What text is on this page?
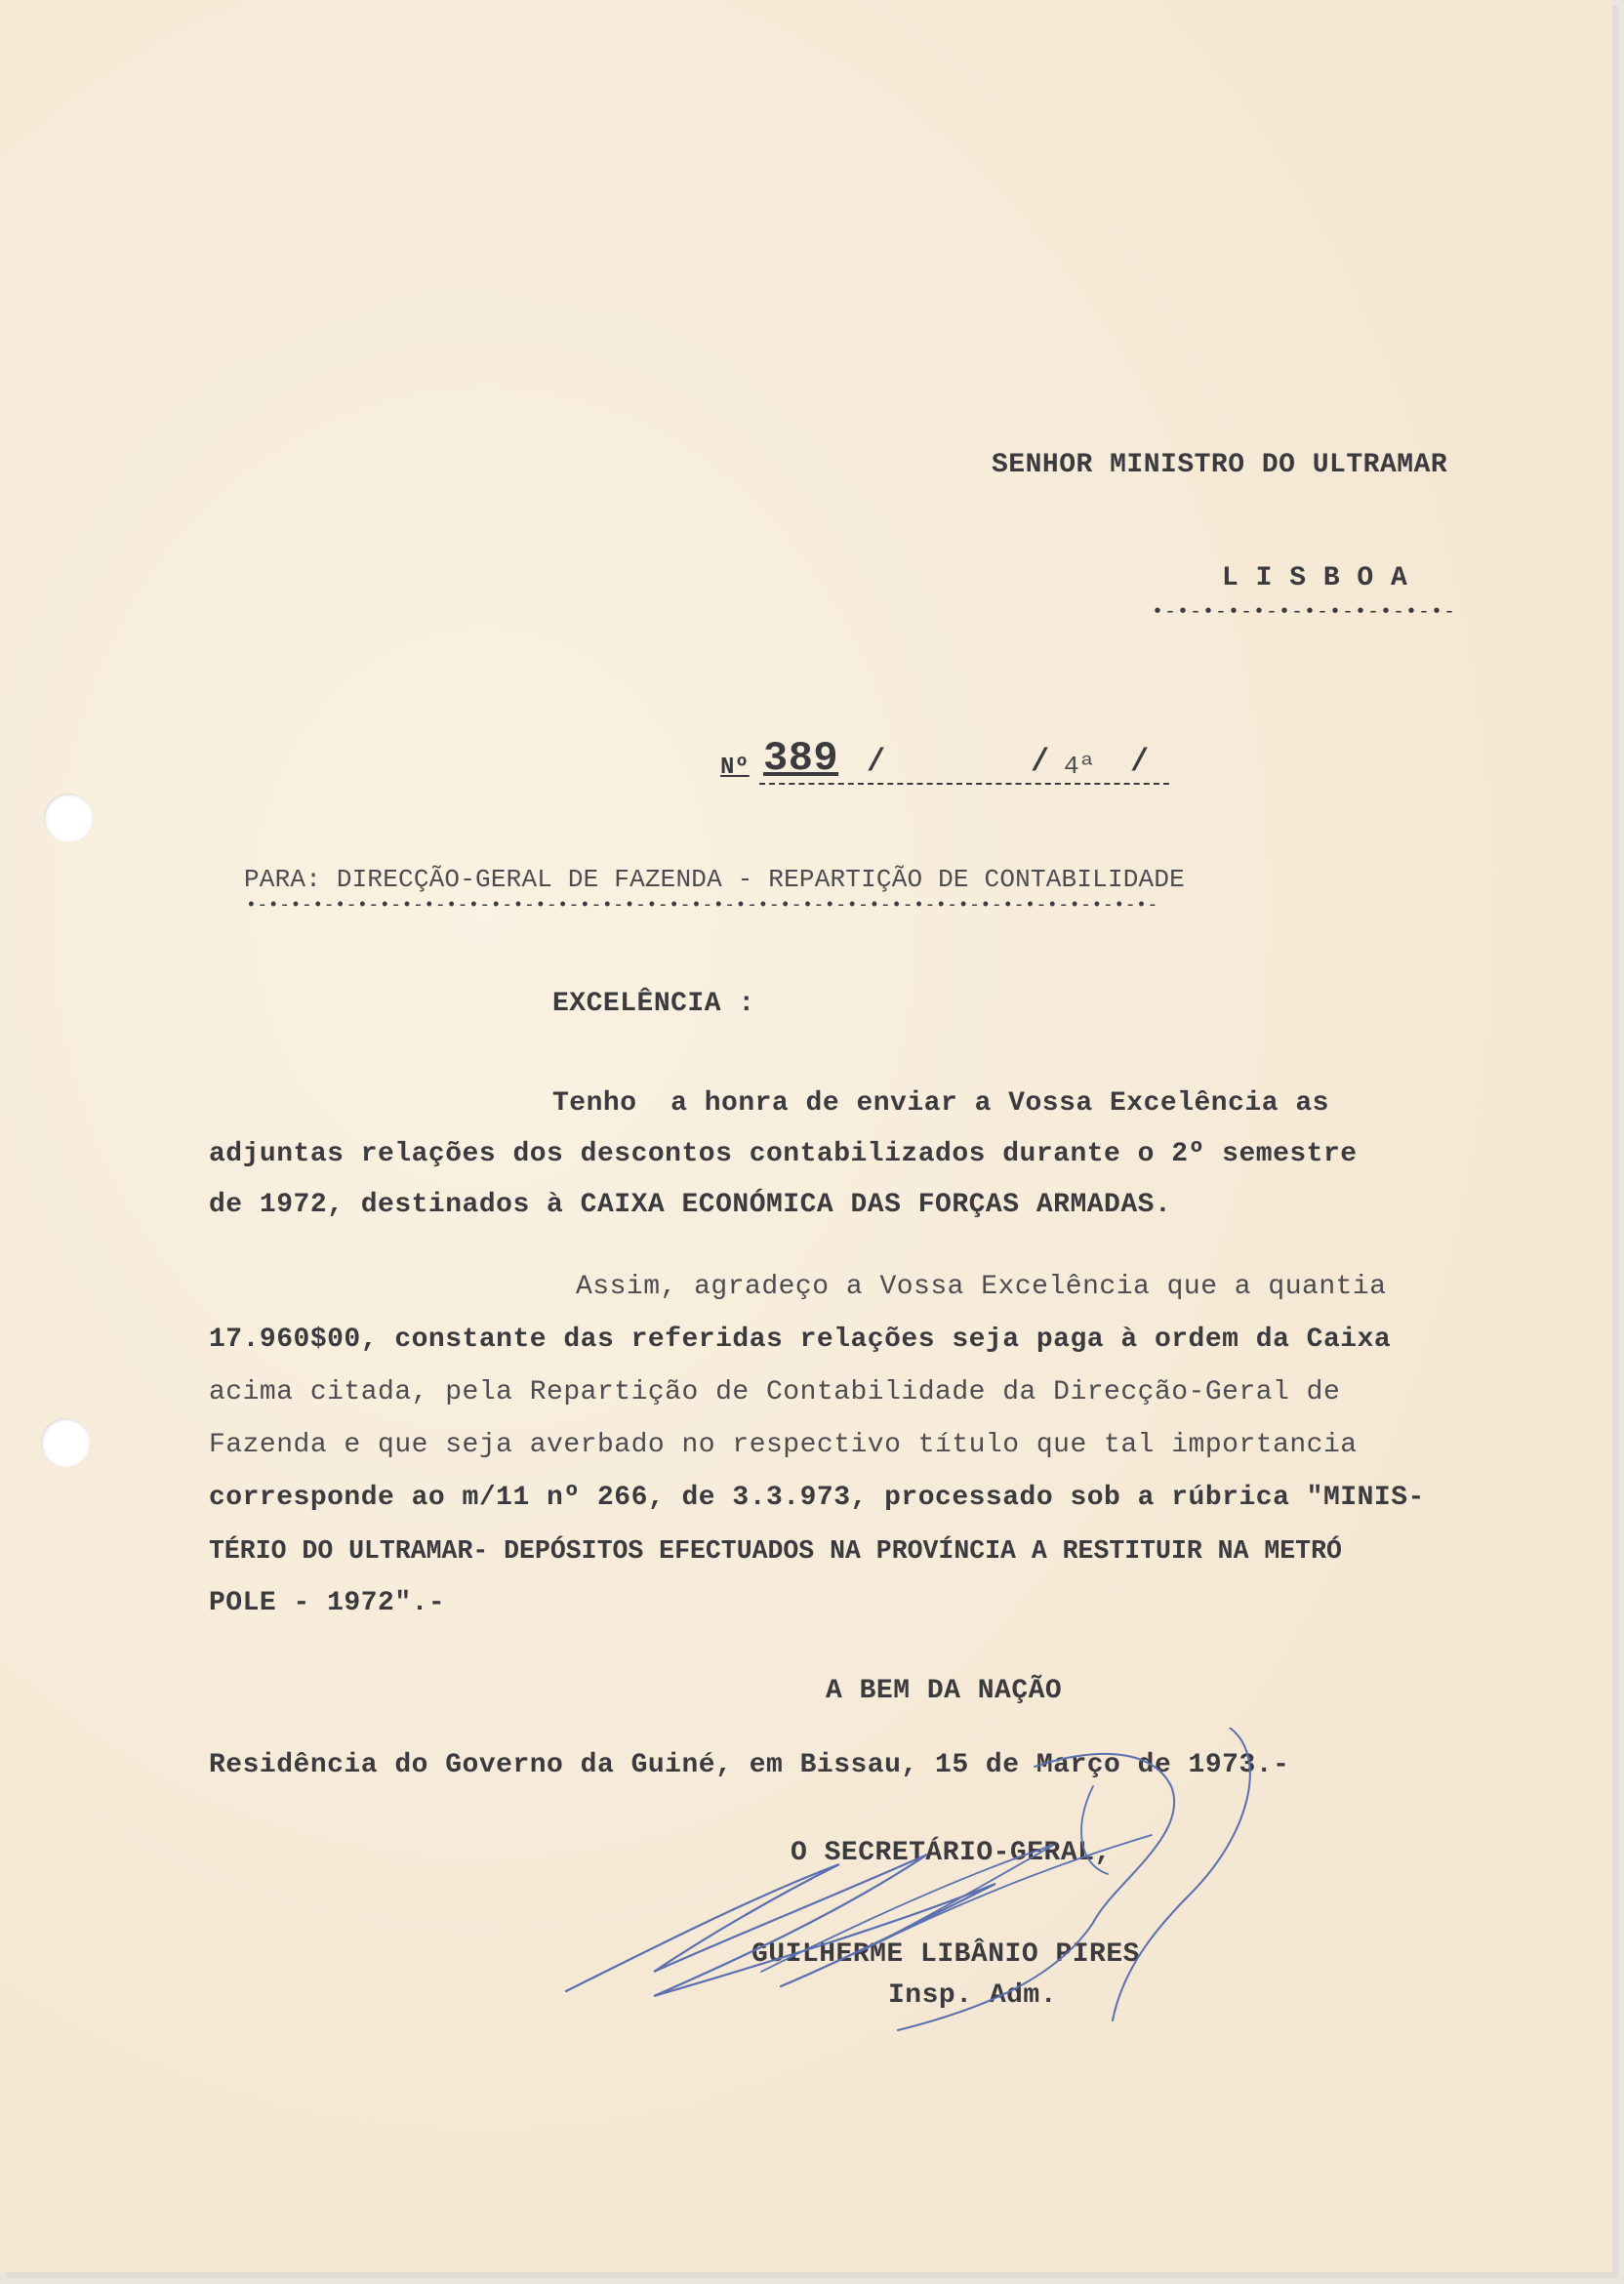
SENHOR MINISTRO DO ULTRAMAR
L I S B O A
•-•-•-•-•-•-•-•-•-•-•-•-
Nº 389 /	/ 4ª /
PARA: DIRECÇÃO-GERAL DE FAZENDA - REPARTIÇÃO DE CONTABILIDADE
•-•-•-•-•-•-•-•-•-•-•-•-•-•-•-•-•-•-•-•-•-•-•-•-•-•-•-•-•-•-•-•-•-•-•-•-•-•-•-•-•-
EXCELÊNCIA :
Tenho  a honra de enviar a Vossa Excelência as
adjuntas relações dos descontos contabilizados durante o 2º semestre
de 1972, destinados à CAIXA ECONÓMICA DAS FORÇAS ARMADAS.
Assim, agradeço a Vossa Excelência que a quantia
17.960$00, constante das referidas relações seja paga à ordem da Caixa
acima citada, pela Repartição de Contabilidade da Direcção-Geral de
Fazenda e que seja averbado no respectivo título que tal importancia
corresponde ao m/11 nº 266, de 3.3.973, processado sob a rúbrica "MINIS-
TÉRIO DO ULTRAMAR- DEPÓSITOS EFECTUADOS NA PROVÍNCIA A RESTITUIR NA METRÓ
POLE - 1972".-
A BEM DA NAÇÃO
Residência do Governo da Guiné, em Bissau, 15 de Março de 1973.-
O SECRETÁRIO-GERAL,
GUILHERME LIBÂNIO PIRES
Insp. Adm.
